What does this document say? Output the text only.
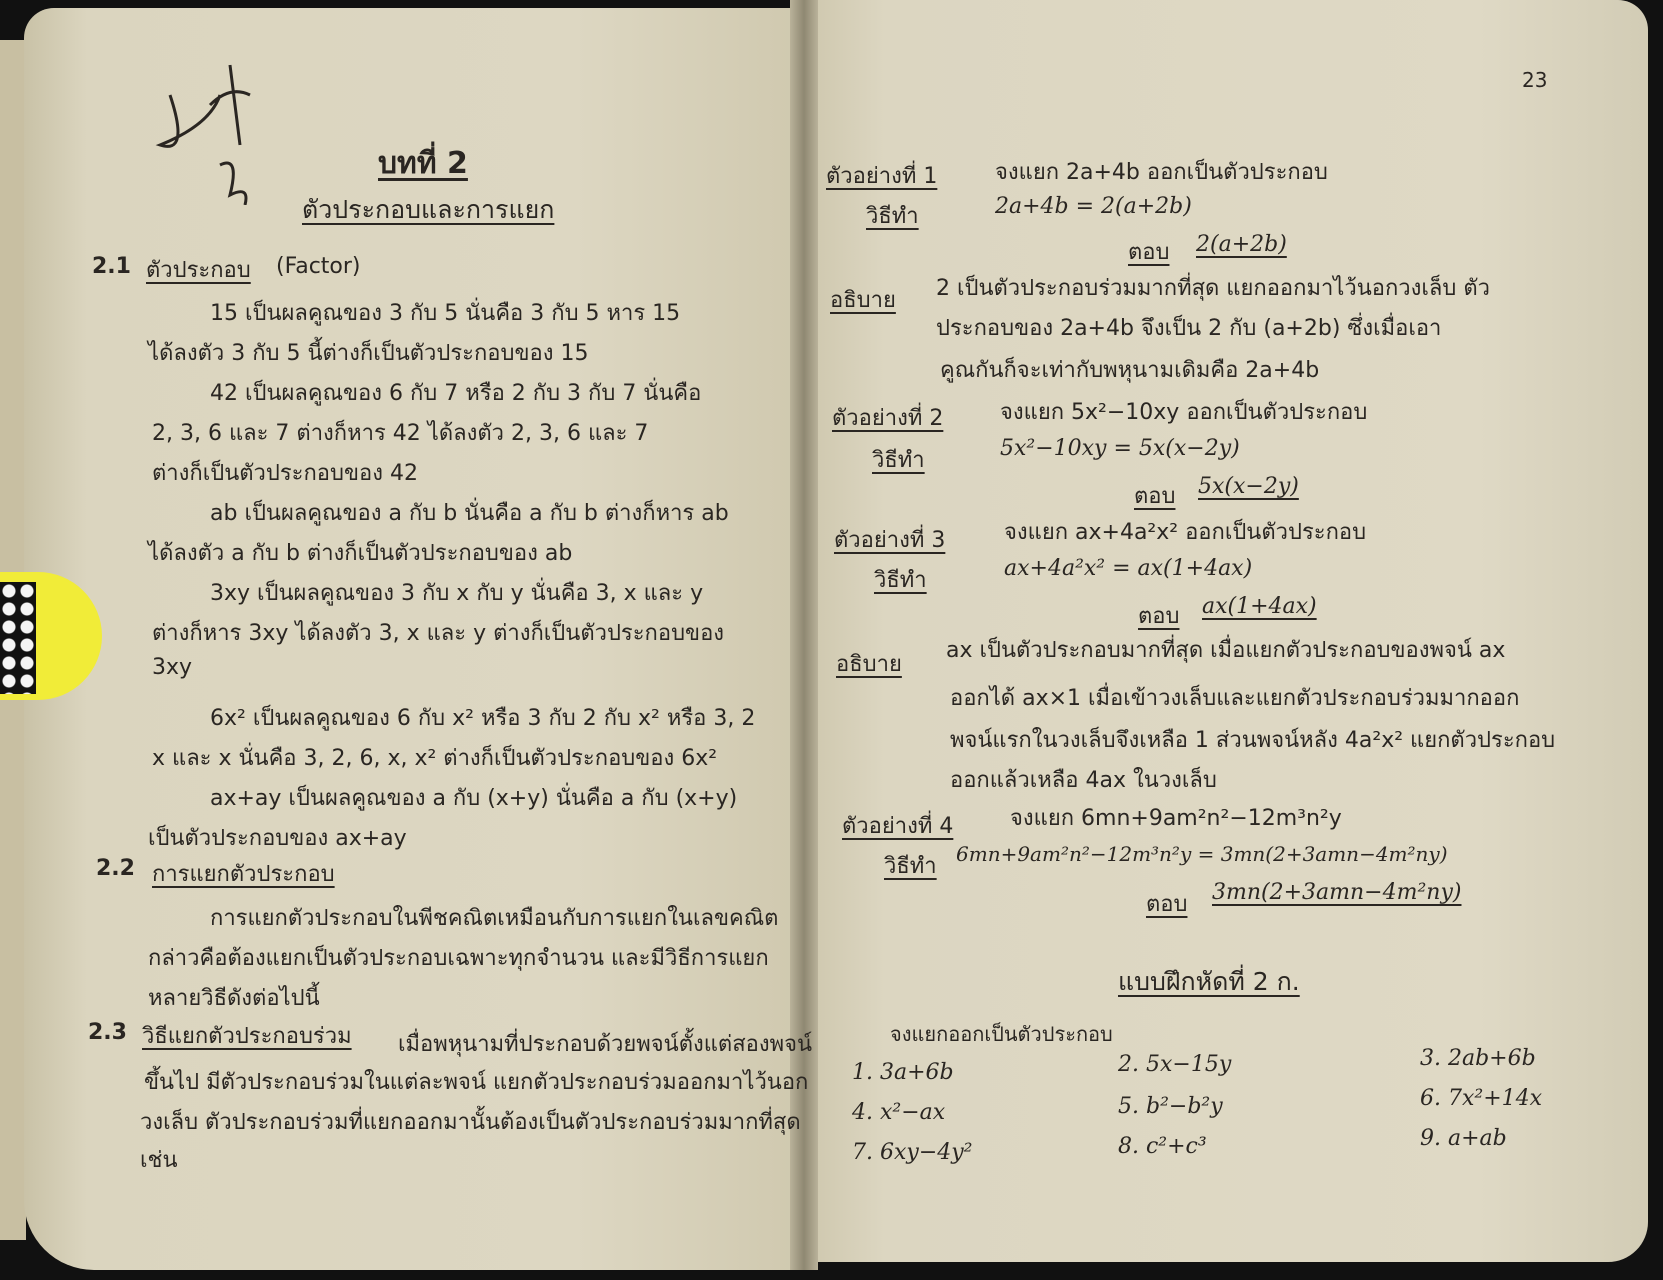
บทที่ 2
ตัวประกอบและการแยก
2.1 ตัวประกอบ (Factor)
15 เป็นผลคูณของ 3 กับ 5 นั่นคือ 3 กับ 5 หาร 15
ได้ลงตัว 3 กับ 5 นี้ต่างก็เป็นตัวประกอบของ 15
42 เป็นผลคูณของ 6 กับ 7 หรือ 2 กับ 3 กับ 7 นั่นคือ
2, 3, 6 และ 7 ต่างก็หาร 42 ได้ลงตัว 2, 3, 6 และ 7
ต่างก็เป็นตัวประกอบของ 42
ab เป็นผลคูณของ a กับ b นั่นคือ a กับ b ต่างก็หาร ab
ได้ลงตัว a กับ b ต่างก็เป็นตัวประกอบของ ab
3xy เป็นผลคูณของ 3 กับ x กับ y นั่นคือ 3, x และ y
ต่างก็หาร 3xy ได้ลงตัว 3, x และ y ต่างก็เป็นตัวประกอบของ
3xy
6x² เป็นผลคูณของ 6 กับ x² หรือ 3 กับ 2 กับ x² หรือ 3, 2
x และ x นั่นคือ 3, 2, 6, x, x² ต่างก็เป็นตัวประกอบของ 6x²
ax+ay เป็นผลคูณของ a กับ (x+y) นั่นคือ a กับ (x+y)
เป็นตัวประกอบของ ax+ay
2.2 การแยกตัวประกอบ
การแยกตัวประกอบในพีชคณิตเหมือนกับการแยกในเลขคณิต
กล่าวคือต้องแยกเป็นตัวประกอบเฉพาะทุกจำนวน และมีวิธีการแยก
หลายวิธีดังต่อไปนี้
2.3 วิธีแยกตัวประกอบร่วม เมื่อพหุนามที่ประกอบด้วยพจน์ตั้งแต่สองพจน์
ขึ้นไป มีตัวประกอบร่วมในแต่ละพจน์ แยกตัวประกอบร่วมออกมาไว้นอก
วงเล็บ ตัวประกอบร่วมที่แยกออกมานั้นต้องเป็นตัวประกอบร่วมมากที่สุด
เช่น
23
ตัวอย่างที่ 1	จงแยก 2a+4b ออกเป็นตัวประกอบ
วิธีทำ	2a+4b = 2(a+2b)
ตอบ 2(a+2b)
อธิบาย 2 เป็นตัวประกอบร่วมมากที่สุด แยกออกมาไว้นอกวงเล็บ ตัว
ประกอบของ 2a+4b จึงเป็น 2 กับ (a+2b) ซึ่งเมื่อเอา
คูณกันก็จะเท่ากับพหุนามเดิมคือ 2a+4b
ตัวอย่างที่ 2	จงแยก 5x²−10xy ออกเป็นตัวประกอบ
วิธีทำ	5x²−10xy = 5x(x−2y)
ตอบ 5x(x−2y)
ตัวอย่างที่ 3	จงแยก ax+4a²x² ออกเป็นตัวประกอบ
วิธีทำ	ax+4a²x² = ax(1+4ax)
ตอบ ax(1+4ax)
อธิบาย
ax เป็นตัวประกอบมากที่สุด เมื่อแยกตัวประกอบของพจน์ ax
ออกได้ ax×1 เมื่อเข้าวงเล็บและแยกตัวประกอบร่วมมากออก
พจน์แรกในวงเล็บจึงเหลือ 1 ส่วนพจน์หลัง 4a²x² แยกตัวประกอบ
ออกแล้วเหลือ 4ax ในวงเล็บ
ตัวอย่างที่ 4	จงแยก 6mn+9am²n²−12m³n²y
วิธีทำ 6mn+9am²n²−12m³n²y = 3mn(2+3amn−4m²ny)
ตอบ 3mn(2+3amn−4m²ny)
แบบฝึกหัดที่ 2 ก.
จงแยกออกเป็นตัวประกอบ
1. 3a+6b	2. 5x−15y	3. 2ab+6b
4. x²−ax	5. b²−b²y	6. 7x²+14x
7. 6xy−4y²	8. c²+c³	9. a+ab
